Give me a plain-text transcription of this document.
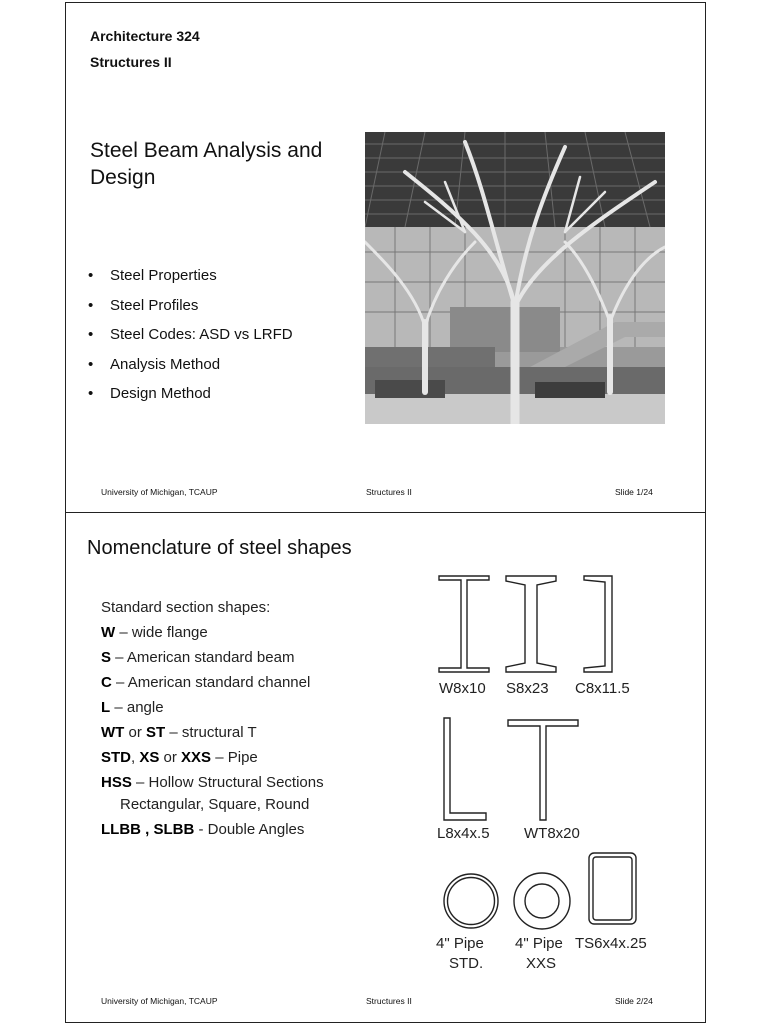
Architecture 324
Structures II
Steel Beam Analysis and Design
• Steel Properties
• Steel Profiles
• Steel Codes: ASD vs LRFD
• Analysis Method
• Design Method
University of Michigan, TCAUP	Structures II	Slide 1/24
Nomenclature of steel shapes
Standard section shapes:
W – wide flange
S – American standard beam
C – American standard channel
L – angle
WT or ST – structural T
STD, XS or XXS – Pipe
HSS – Hollow Structural Sections
Rectangular, Square, Round
LLBB , SLBB - Double Angles
W8x10 S8x23 C8x11.5
L8x4x.5 WT8x20
4" Pipe
STD.
4" Pipe
XXS
TS6x4x.25
University of Michigan, TCAUP	Structures II	Slide 2/24
